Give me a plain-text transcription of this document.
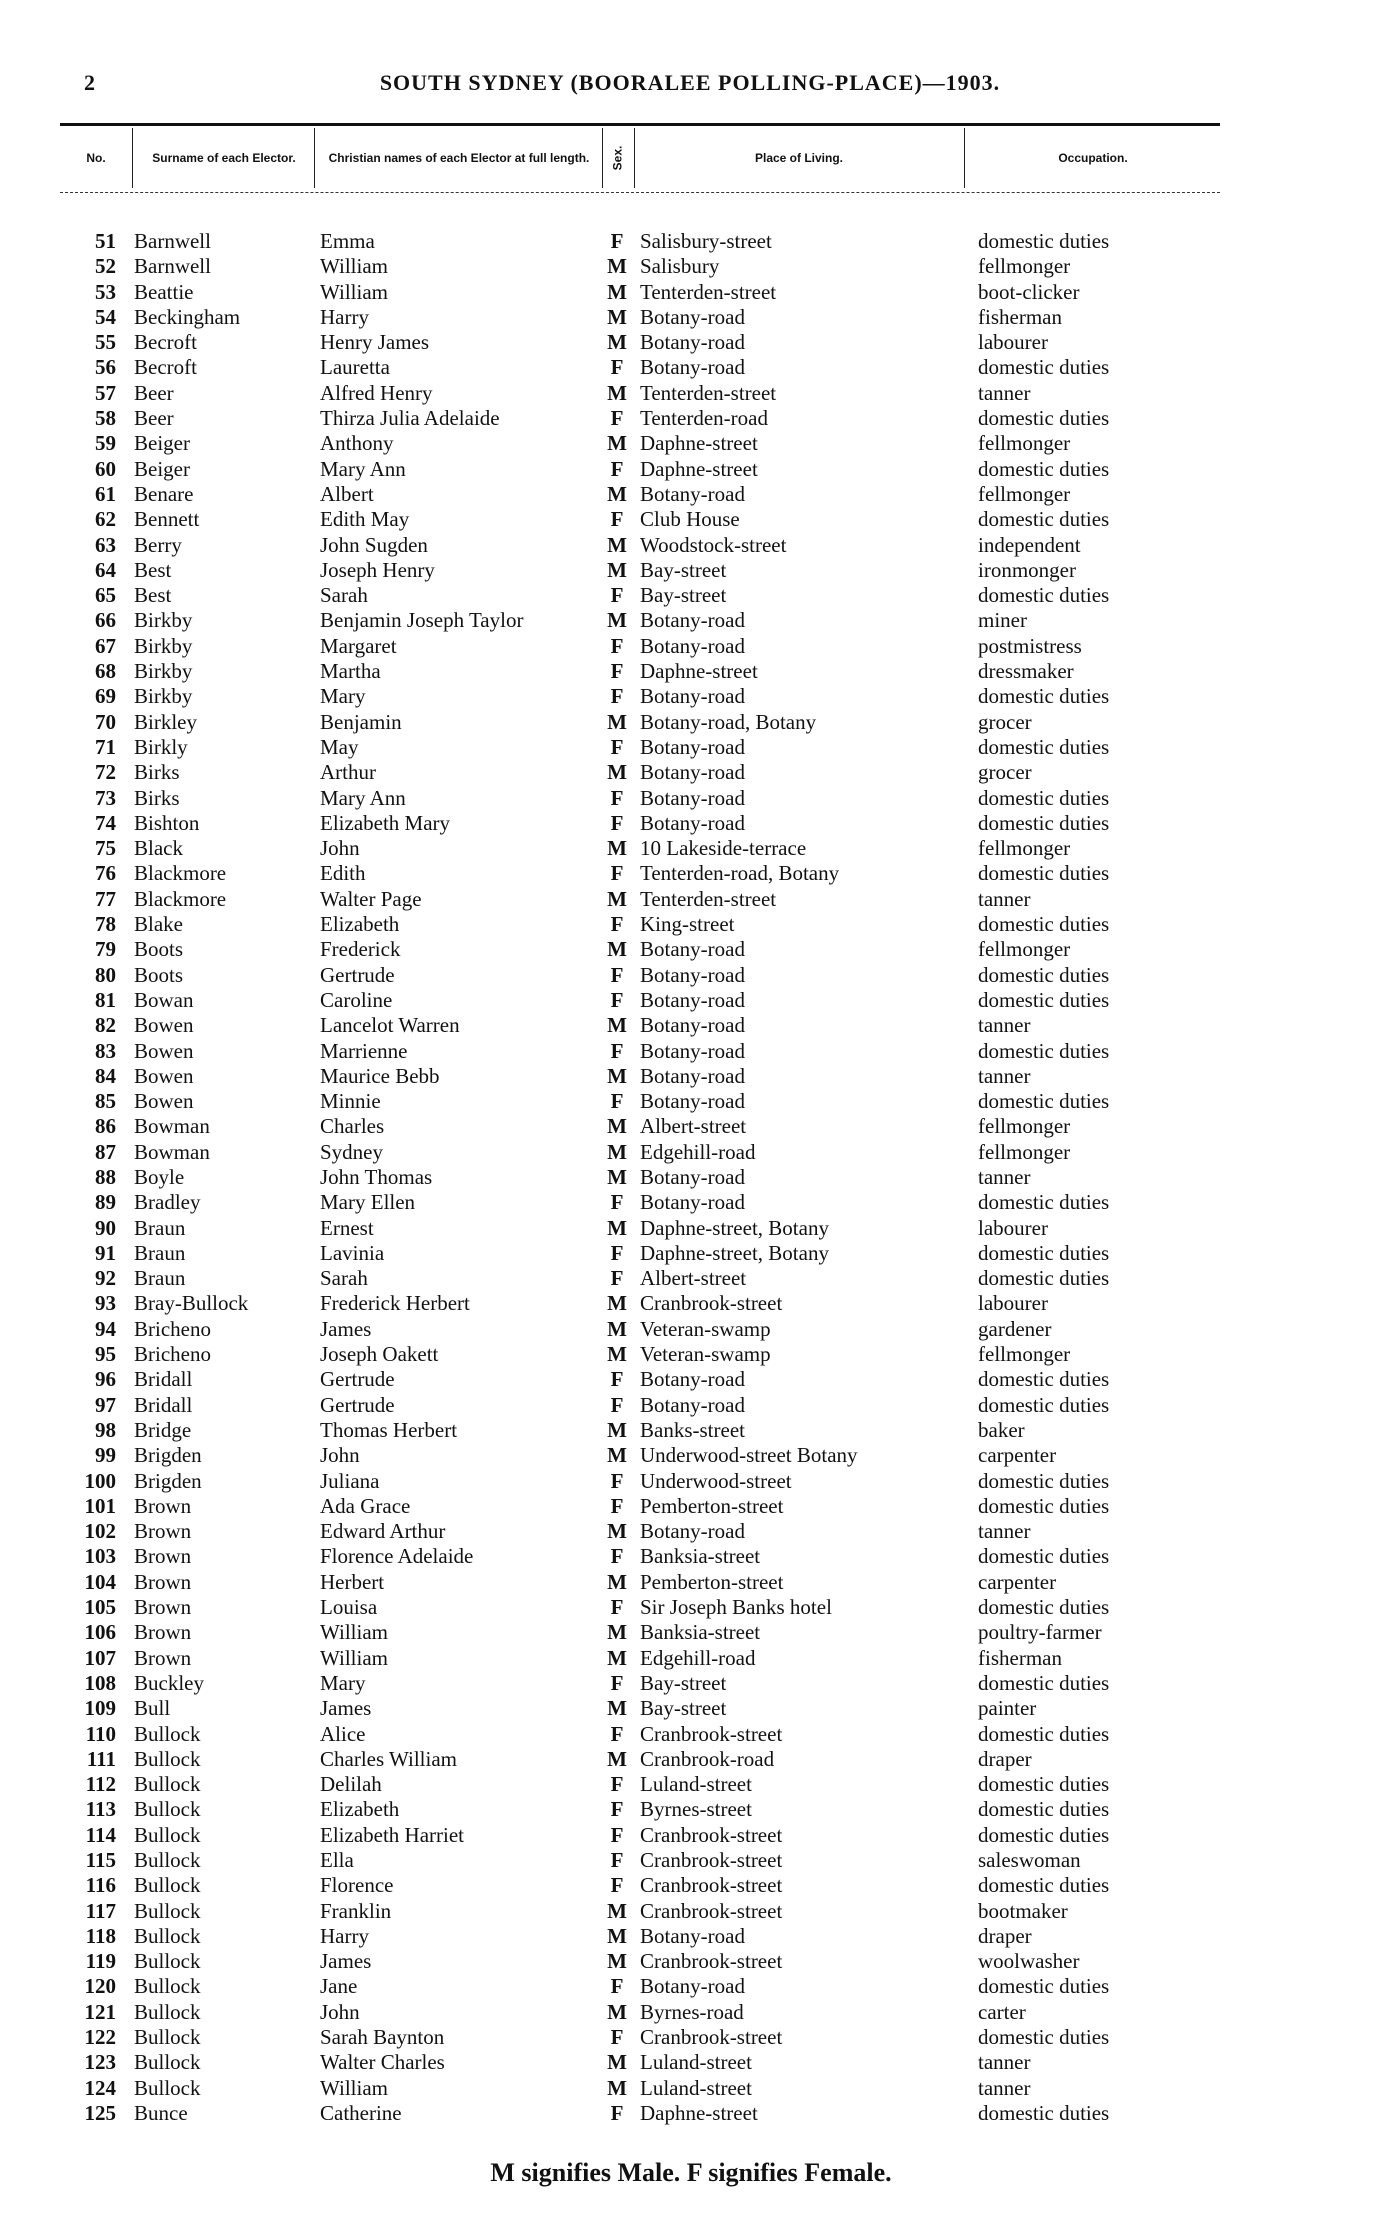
2	SOUTH SYDNEY (BOORALEE POLLING-PLACE)—1903.
No.	Surname of each Elector.	Christian names of each Elector at full length.	Sex.	Place of Living.	Occupation.
51 Barnwell	Emma	F Salisbury-street	domestic duties
52 Barnwell	William	M Salisbury	fellmonger
53 Beattie	William	M Tenterden-street	boot-clicker
54 Beckingham	Harry	M Botany-road	fisherman
55 Becroft	Henry James	M Botany-road	labourer
56 Becroft	Lauretta	F Botany-road	domestic duties
57 Beer	Alfred Henry	M Tenterden-street	tanner
58 Beer	Thirza Julia Adelaide	F Tenterden-road	domestic duties
59 Beiger	Anthony	M Daphne-street	fellmonger
60 Beiger	Mary Ann	F Daphne-street	domestic duties
61 Benare	Albert	M Botany-road	fellmonger
62 Bennett	Edith May	F Club House	domestic duties
63 Berry	John Sugden	M Woodstock-street	independent
64 Best	Joseph Henry	M Bay-street	ironmonger
65 Best	Sarah	F Bay-street	domestic duties
66 Birkby	Benjamin Joseph Taylor	M Botany-road	miner
67 Birkby	Margaret	F Botany-road	postmistress
68 Birkby	Martha	F Daphne-street	dressmaker
69 Birkby	Mary	F Botany-road	domestic duties
70 Birkley	Benjamin	M Botany-road, Botany	grocer
71 Birkly	May	F Botany-road	domestic duties
72 Birks	Arthur	M Botany-road	grocer
73 Birks	Mary Ann	F Botany-road	domestic duties
74 Bishton	Elizabeth Mary	F Botany-road	domestic duties
75 Black	John	M 10 Lakeside-terrace	fellmonger
76 Blackmore	Edith	F Tenterden-road, Botany	domestic duties
77 Blackmore	Walter Page	M Tenterden-street	tanner
78 Blake	Elizabeth	F King-street	domestic duties
79 Boots	Frederick	M Botany-road	fellmonger
80 Boots	Gertrude	F Botany-road	domestic duties
81 Bowan	Caroline	F Botany-road	domestic duties
82 Bowen	Lancelot Warren	M Botany-road	tanner
83 Bowen	Marrienne	F Botany-road	domestic duties
84 Bowen	Maurice Bebb	M Botany-road	tanner
85 Bowen	Minnie	F Botany-road	domestic duties
86 Bowman	Charles	M Albert-street	fellmonger
87 Bowman	Sydney	M Edgehill-road	fellmonger
88 Boyle	John Thomas	M Botany-road	tanner
89 Bradley	Mary Ellen	F Botany-road	domestic duties
90 Braun	Ernest	M Daphne-street, Botany	labourer
91 Braun	Lavinia	F Daphne-street, Botany	domestic duties
92 Braun	Sarah	F Albert-street	domestic duties
93 Bray-Bullock	Frederick Herbert	M Cranbrook-street	labourer
94 Bricheno	James	M Veteran-swamp	gardener
95 Bricheno	Joseph Oakett	M Veteran-swamp	fellmonger
96 Bridall	Gertrude	F Botany-road	domestic duties
97 Bridall	Gertrude	F Botany-road	domestic duties
98 Bridge	Thomas Herbert	M Banks-street	baker
99 Brigden	John	M Underwood-street Botany	carpenter
100 Brigden	Juliana	F Underwood-street	domestic duties
101 Brown	Ada Grace	F Pemberton-street	domestic duties
102 Brown	Edward Arthur	M Botany-road	tanner
103 Brown	Florence Adelaide	F Banksia-street	domestic duties
104 Brown	Herbert	M Pemberton-street	carpenter
105 Brown	Louisa	F Sir Joseph Banks hotel	domestic duties
106 Brown	William	M Banksia-street	poultry-farmer
107 Brown	William	M Edgehill-road	fisherman
108 Buckley	Mary	F Bay-street	domestic duties
109 Bull	James	M Bay-street	painter
110 Bullock	Alice	F Cranbrook-street	domestic duties
111 Bullock	Charles William	M Cranbrook-road	draper
112 Bullock	Delilah	F Luland-street	domestic duties
113 Bullock	Elizabeth	F Byrnes-street	domestic duties
114 Bullock	Elizabeth Harriet	F Cranbrook-street	domestic duties
115 Bullock	Ella	F Cranbrook-street	saleswoman
116 Bullock	Florence	F Cranbrook-street	domestic duties
117 Bullock	Franklin	M Cranbrook-street	bootmaker
118 Bullock	Harry	M Botany-road	draper
119 Bullock	James	M Cranbrook-street	woolwasher
120 Bullock	Jane	F Botany-road	domestic duties
121 Bullock	John	M Byrnes-road	carter
122 Bullock	Sarah Baynton	F Cranbrook-street	domestic duties
123 Bullock	Walter Charles	M Luland-street	tanner
124 Bullock	William	M Luland-street	tanner
125 Bunce	Catherine	F Daphne-street	domestic duties
M signifies Male. F signifies Female.
